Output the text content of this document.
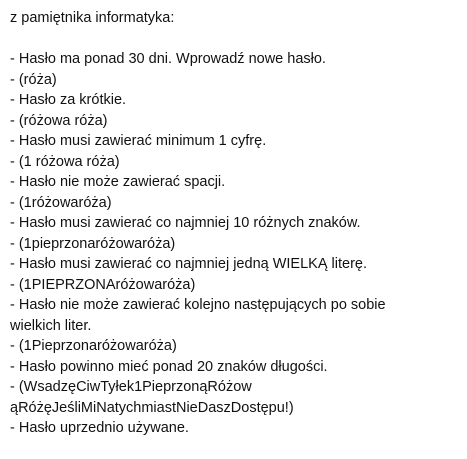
z pamiętnika informatyka:

- Hasło ma ponad 30 dni. Wprowadź nowe hasło.

- (róża)

- Hasło za krótkie.

- (różowa róża)

- Hasło musi zawierać minimum 1 cyfrę.

- (1 różowa róża)

- Hasło nie może zawierać spacji.

- (1różowaróża)

- Hasło musi zawierać co najmniej 10 różnych znaków.

- (1pieprzonaróżowaróża)

- Hasło musi zawierać co najmniej jedną WIELKĄ literę.

- (1PIEPRZONAróżowaróża)

- Hasło nie może zawierać kolejno następujących po sobie

wielkich liter.

- (1Pieprzonaróżowaróża)

- Hasło powinno mieć ponad 20 znaków długości.

- (WsadzęCiwTyłek1PieprzonąRóżow

ąRóżęJeśliMiNatychmiastNieDaszDostępu!)

- Hasło uprzednio używane.
